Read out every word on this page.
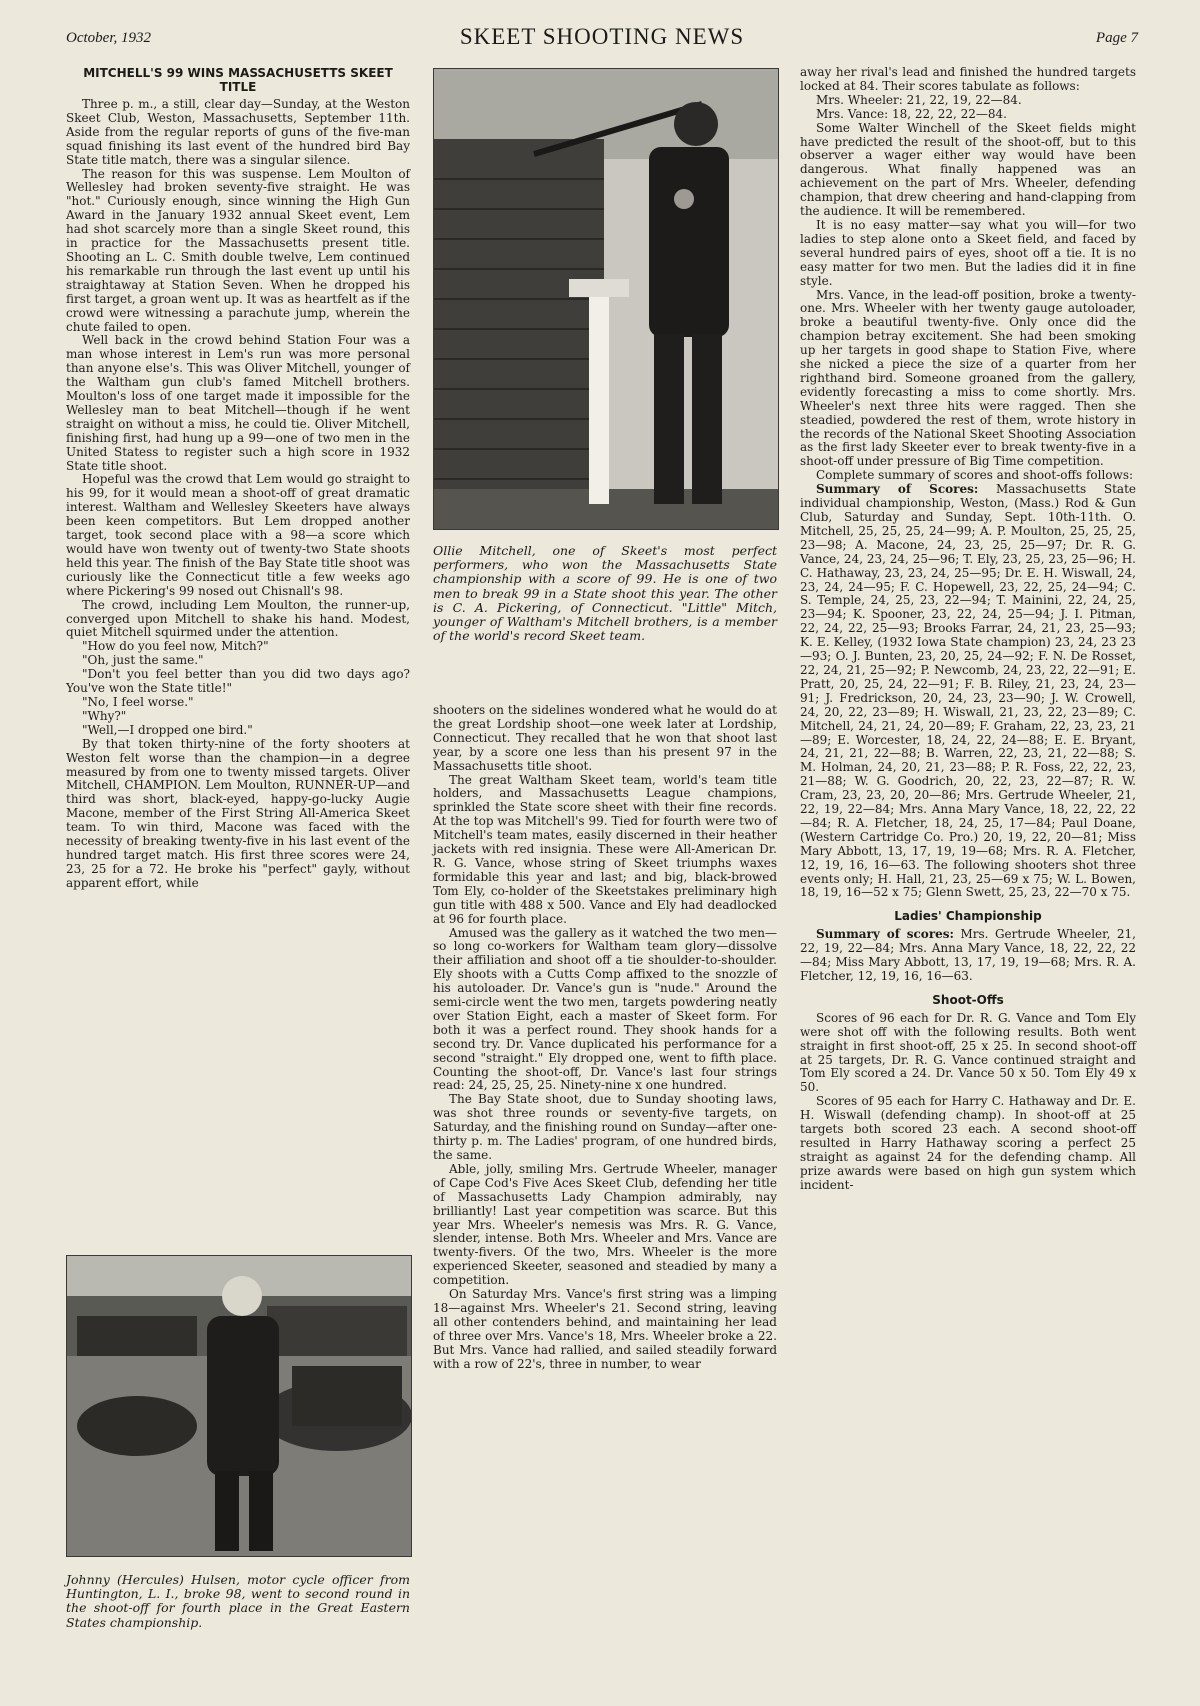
October, 1932	SKEET SHOOTING NEWS	Page 7
MITCHELL'S 99 WINS MASSACHUSETTS SKEET TITLE

Three p. m., a still, clear day—Sunday, at the Weston Skeet Club, Weston, Massachusetts, September 11th. Aside from the regular reports of guns of the five-man squad finishing its last event of the hundred bird Bay State title match, there was a singular silence.

The reason for this was suspense. Lem Moulton of Wellesley had broken seventy-five straight. He was "hot." Curiously enough, since winning the High Gun Award in the January 1932 annual Skeet event, Lem had shot scarcely more than a single Skeet round, this in practice for the Massachusetts present title. Shooting an L. C. Smith double twelve, Lem continued his remarkable run through the last event up until his straightaway at Station Seven. When he dropped his first target, a groan went up. It was as heartfelt as if the crowd were witnessing a parachute jump, wherein the chute failed to open.

Well back in the crowd behind Station Four was a man whose interest in Lem's run was more personal than anyone else's. This was Oliver Mitchell, younger of the Waltham gun club's famed Mitchell brothers. Moulton's loss of one target made it impossible for the Wellesley man to beat Mitchell—though if he went straight on without a miss, he could tie. Oliver Mitchell, finishing first, had hung up a 99—one of two men in the United Statess to register such a high score in 1932 State title shoot.

Hopeful was the crowd that Lem would go straight to his 99, for it would mean a shoot-off of great dramatic interest. Waltham and Wellesley Skeeters have always been keen competitors. But Lem dropped another target, took second place with a 98—a score which would have won twenty out of twenty-two State shoots held this year. The finish of the Bay State title shoot was curiously like the Connecticut title a few weeks ago where Pickering's 99 nosed out Chisnall's 98.

The crowd, including Lem Moulton, the runner-up, converged upon Mitchell to shake his hand. Modest, quiet Mitchell squirmed under the attention.

"How do you feel now, Mitch?"

"Oh, just the same."

"Don't you feel better than you did two days ago? You've won the State title!"

"No, I feel worse."

"Why?"

"Well,—I dropped one bird."

By that token thirty-nine of the forty shooters at Weston felt worse than the champion—in a degree measured by from one to twenty missed targets. Oliver Mitchell, CHAMPION. Lem Moulton, RUNNER-UP—and third was short, black-eyed, happy-go-lucky Augie Macone, member of the First String All-America Skeet team. To win third, Macone was faced with the necessity of breaking twenty-five in his last event of the hundred target match. His first three scores were 24, 23, 25 for a 72. He broke his "perfect" gayly, without apparent effort, while

Johnny (Hercules) Hulsen, motor cycle officer from Huntington, L. I., broke 98, went to second round in the shoot-off for fourth place in the Great Eastern States championship.
Ollie Mitchell, one of Skeet's most perfect performers, who won the Massachusetts State championship with a score of 99. He is one of two men to break 99 in a State shoot this year. The other is C. A. Pickering, of Connecticut. "Little" Mitch, younger of Waltham's Mitchell brothers, is a member of the world's record Skeet team.

shooters on the sidelines wondered what he would do at the great Lordship shoot—one week later at Lordship, Connecticut. They recalled that he won that shoot last year, by a score one less than his present 97 in the Massachusetts title shoot.

The great Waltham Skeet team, world's team title holders, and Massachusetts League champions, sprinkled the State score sheet with their fine records. At the top was Mitchell's 99. Tied for fourth were two of Mitchell's team mates, easily discerned in their heather jackets with red insignia. These were All-American Dr. R. G. Vance, whose string of Skeet triumphs waxes formidable this year and last; and big, black-browed Tom Ely, co-holder of the Skeetstakes preliminary high gun title with 488 x 500. Vance and Ely had deadlocked at 96 for fourth place.

Amused was the gallery as it watched the two men—so long co-workers for Waltham team glory—dissolve their affiliation and shoot off a tie shoulder-to-shoulder. Ely shoots with a Cutts Comp affixed to the snozzle of his autoloader. Dr. Vance's gun is "nude." Around the semi-circle went the two men, targets powdering neatly over Station Eight, each a master of Skeet form. For both it was a perfect round. They shook hands for a second try. Dr. Vance duplicated his performance for a second "straight." Ely dropped one, went to fifth place. Counting the shoot-off, Dr. Vance's last four strings read: 24, 25, 25, 25. Ninety-nine x one hundred.

The Bay State shoot, due to Sunday shooting laws, was shot three rounds or seventy-five targets, on Saturday, and the finishing round on Sunday—after one-thirty p. m. The Ladies' program, of one hundred birds, the same.

Able, jolly, smiling Mrs. Gertrude Wheeler, manager of Cape Cod's Five Aces Skeet Club, defending her title of Massachusetts Lady Champion admirably, nay brilliantly! Last year competition was scarce. But this year Mrs. Wheeler's nemesis was Mrs. R. G. Vance, slender, intense. Both Mrs. Wheeler and Mrs. Vance are twenty-fivers. Of the two, Mrs. Wheeler is the more experienced Skeeter, seasoned and steadied by many a competition.

On Saturday Mrs. Vance's first string was a limping 18—against Mrs. Wheeler's 21. Second string, leaving all other contenders behind, and maintaining her lead of three over Mrs. Vance's 18, Mrs. Wheeler broke a 22. But Mrs. Vance had rallied, and sailed steadily forward with a row of 22's, three in number, to wear

away her rival's lead and finished the hundred targets locked at 84. Their scores tabulate as follows:

Mrs. Wheeler: 21, 22, 19, 22—84.

Mrs. Vance: 18, 22, 22, 22—84.

Some Walter Winchell of the Skeet fields might have predicted the result of the shoot-off, but to this observer a wager either way would have been dangerous. What finally happened was an achievement on the part of Mrs. Wheeler, defending champion, that drew cheering and hand-clapping from the audience. It will be remembered.

It is no easy matter—say what you will—for two ladies to step alone onto a Skeet field, and faced by several hundred pairs of eyes, shoot off a tie. It is no easy matter for two men. But the ladies did it in fine style.

Mrs. Vance, in the lead-off position, broke a twenty-one. Mrs. Wheeler with her twenty gauge autoloader, broke a beautiful twenty-five. Only once did the champion betray excitement. She had been smoking up her targets in good shape to Station Five, where she nicked a piece the size of a quarter from her righthand bird. Someone groaned from the gallery, evidently forecasting a miss to come shortly. Mrs. Wheeler's next three hits were ragged. Then she steadied, powdered the rest of them, wrote history in the records of the National Skeet Shooting Association as the first lady Skeeter ever to break twenty-five in a shoot-off under pressure of Big Time competition.

Complete summary of scores and shoot-offs follows:

Summary of Scores: Massachusetts State individual championship, Weston, (Mass.) Rod & Gun Club, Saturday and Sunday, Sept. 10th-11th. O. Mitchell, 25, 25, 25, 24—99; A. P. Moulton, 25, 25, 25, 23—98; A. Macone, 24, 23, 25, 25—97; Dr. R. G. Vance, 24, 23, 24, 25—96; T. Ely, 23, 25, 23, 25—96; H. C. Hathaway, 23, 23, 24, 25—95; Dr. E. H. Wiswall, 24, 23, 24, 24—95; F. C. Hopewell, 23, 22, 25, 24—94; C. S. Temple, 24, 25, 23, 22—94; T. Mainini, 22, 24, 25, 23—94; K. Spooner, 23, 22, 24, 25—94; J. I. Pitman, 22, 24, 22, 25—93; Brooks Farrar, 24, 21, 23, 25—93; K. E. Kelley, (1932 Iowa State champion) 23, 24, 23 23—93; O. J. Bunten, 23, 20, 25, 24—92; F. N. De Rosset, 22, 24, 21, 25—92; P. Newcomb, 24, 23, 22, 22—91; E. Pratt, 20, 25, 24, 22—91; F. B. Riley, 21, 23, 24, 23—91; J. Fredrickson, 20, 24, 23, 23—90; J. W. Crowell, 24, 20, 22, 23—89; H. Wiswall, 21, 23, 22, 23—89; C. Mitchell, 24, 21, 24, 20—89; F. Graham, 22, 23, 23, 21—89; E. Worcester, 18, 24, 22, 24—88; E. E. Bryant, 24, 21, 21, 22—88; B. Warren, 22, 23, 21, 22—88; S. M. Holman, 24, 20, 21, 23—88; P. R. Foss, 22, 22, 23, 21—88; W. G. Goodrich, 20, 22, 23, 22—87; R. W. Cram, 23, 23, 20, 20—86; Mrs. Gertrude Wheeler, 21, 22, 19, 22—84; Mrs. Anna Mary Vance, 18, 22, 22, 22—84; R. A. Fletcher, 18, 24, 25, 17—84; Paul Doane, (Western Cartridge Co. Pro.) 20, 19, 22, 20—81; Miss Mary Abbott, 13, 17, 19, 19—68; Mrs. R. A. Fletcher, 12, 19, 16, 16—63. The following shooters shot three events only; H. Hall, 21, 23, 25—69 x 75; W. L. Bowen, 18, 19, 16—52 x 75; Glenn Swett, 25, 23, 22—70 x 75.

Ladies' Championship

Summary of scores: Mrs. Gertrude Wheeler, 21, 22, 19, 22—84; Mrs. Anna Mary Vance, 18, 22, 22, 22—84; Miss Mary Abbott, 13, 17, 19, 19—68; Mrs. R. A. Fletcher, 12, 19, 16, 16—63.

Shoot-Offs

Scores of 96 each for Dr. R. G. Vance and Tom Ely were shot off with the following results. Both went straight in first shoot-off, 25 x 25. In second shoot-off at 25 targets, Dr. R. G. Vance continued straight and Tom Ely scored a 24. Dr. Vance 50 x 50. Tom Ely 49 x 50.

Scores of 95 each for Harry C. Hathaway and Dr. E. H. Wiswall (defending champ). In shoot-off at 25 targets both scored 23 each. A second shoot-off resulted in Harry Hathaway scoring a perfect 25 straight as against 24 for the defending champ. All prize awards were based on high gun system which incident-
